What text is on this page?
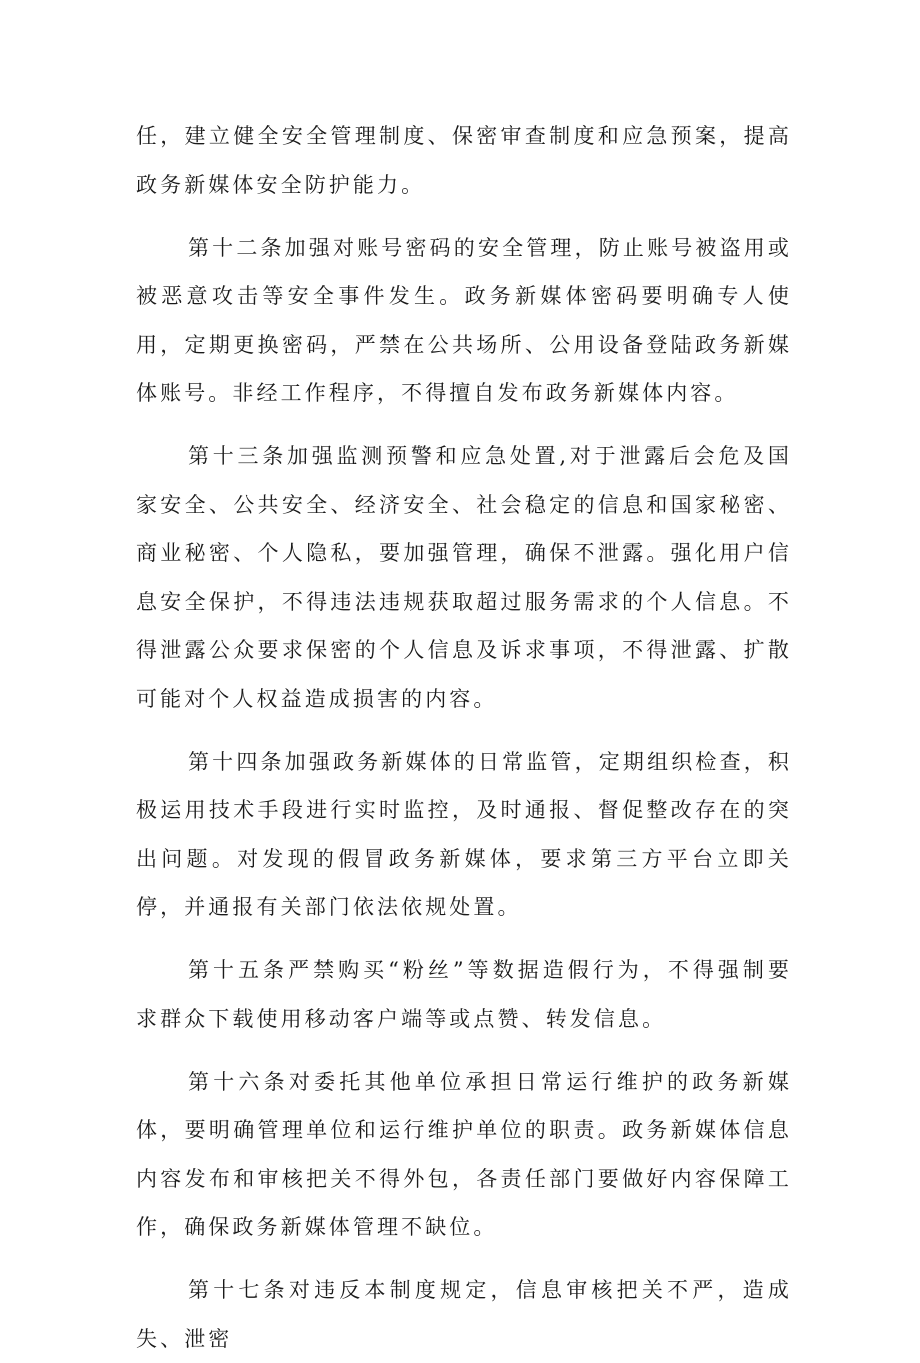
任，建立健全安全管理制度、保密审查制度和应急预案，提高政务新媒体安全防护能力。

第十二条加强对账号密码的安全管理，防止账号被盗用或被恶意攻击等安全事件发生。政务新媒体密码要明确专人使用，定期更换密码，严禁在公共场所、公用设备登陆政务新媒体账号。非经工作程序，不得擅自发布政务新媒体内容。

第十三条加强监测预警和应急处置,对于泄露后会危及国家安全、公共安全、经济安全、社会稳定的信息和国家秘密、商业秘密、个人隐私，要加强管理，确保不泄露。强化用户信息安全保护，不得违法违规获取超过服务需求的个人信息。不得泄露公众要求保密的个人信息及诉求事项，不得泄露、扩散可能对个人权益造成损害的内容。

第十四条加强政务新媒体的日常监管，定期组织检查，积极运用技术手段进行实时监控，及时通报、督促整改存在的突出问题。对发现的假冒政务新媒体，要求第三方平台立即关停，并通报有关部门依法依规处置。

第十五条严禁购买“粉丝”等数据造假行为，不得强制要求群众下载使用移动客户端等或点赞、转发信息。

第十六条对委托其他单位承担日常运行维护的政务新媒体，要明确管理单位和运行维护单位的职责。政务新媒体信息内容发布和审核把关不得外包，各责任部门要做好内容保障工作，确保政务新媒体管理不缺位。

第十七条对违反本制度规定，信息审核把关不严，造成失、泄密
